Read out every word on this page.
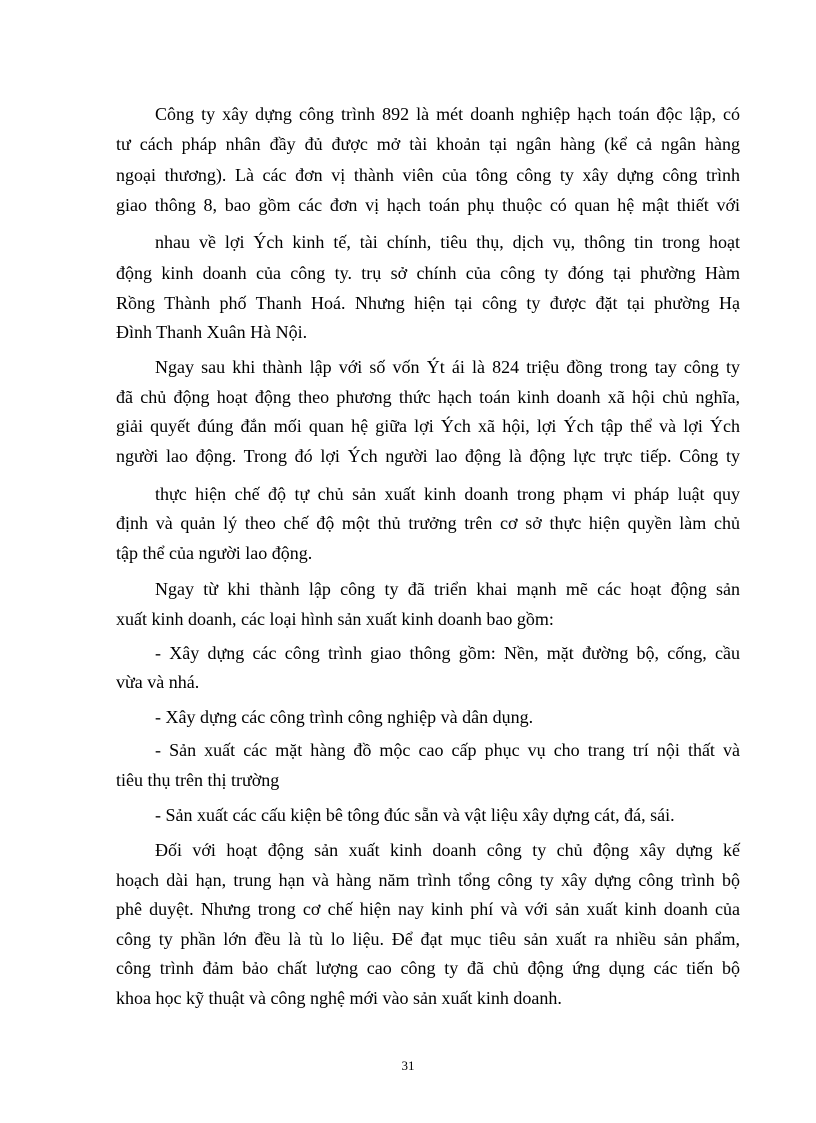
Công ty xây dựng công trình 892 là mét doanh nghiệp hạch toán độc lập, có

tư cách pháp nhân đầy đủ được mở tài khoản tại ngân hàng (kể cả ngân hàng

ngoại thương). Là các đơn vị thành viên của tông công ty xây dựng công trình

giao thông 8, bao gồm các đơn vị hạch toán phụ thuộc có quan hệ mật thiết với

nhau về lợi Ých kinh tế, tài chính, tiêu thụ, dịch vụ, thông tin trong hoạt

động kinh doanh của công ty. trụ sở chính của công ty đóng tại phường Hàm

Rồng Thành phố Thanh Hoá. Nhưng hiện tại công ty được đặt tại phường Hạ

Đình Thanh Xuân Hà Nội.

Ngay sau khi thành lập với số vốn Ýt ái là 824 triệu đồng trong tay công ty

đã chủ động hoạt động theo phương thức hạch toán kinh doanh xã hội chủ nghĩa,

giải quyết đúng đắn mối quan hệ giữa lợi Ých xã hội, lợi Ých tập thể và lợi Ých

người lao động. Trong đó lợi Ých người lao động là động lực trực tiếp. Công ty

thực hiện chế độ tự chủ sản xuất kinh doanh trong phạm vi pháp luật quy

định và quản lý theo chế độ một thủ trưởng trên cơ sở thực hiện quyền làm chủ

tập thể của người lao động.

Ngay từ khi thành lập công ty đã triển khai mạnh mẽ các hoạt động sản

xuất kinh doanh, các loại hình sản xuất kinh doanh bao gồm:

- Xây dựng các công trình giao thông gồm: Nền, mặt đường bộ, cống, cầu

vừa và nhá.

- Xây dựng các công trình công nghiệp và dân dụng.

- Sản xuất các mặt hàng đồ mộc cao cấp phục vụ cho trang trí nội thất và

tiêu thụ trên thị trường

- Sản xuất các cấu kiện bê tông đúc sẵn và vật liệu xây dựng cát, đá, sái.

Đối với hoạt động sản xuất kinh doanh công ty chủ động xây dựng kế

hoạch dài hạn, trung hạn và hàng năm trình tổng công ty xây dựng công trình bộ

phê duyệt. Nhưng trong cơ chế hiện nay kinh phí và với sản xuất kinh doanh của

công ty phần lớn đều là tù lo liệu. Để đạt mục tiêu sản xuất ra nhiều sản phẩm,

công trình đảm bảo chất lượng cao công ty đã chủ động ứng dụng các tiến bộ

khoa học kỹ thuật và công nghệ mới vào sản xuất kinh doanh.

31
